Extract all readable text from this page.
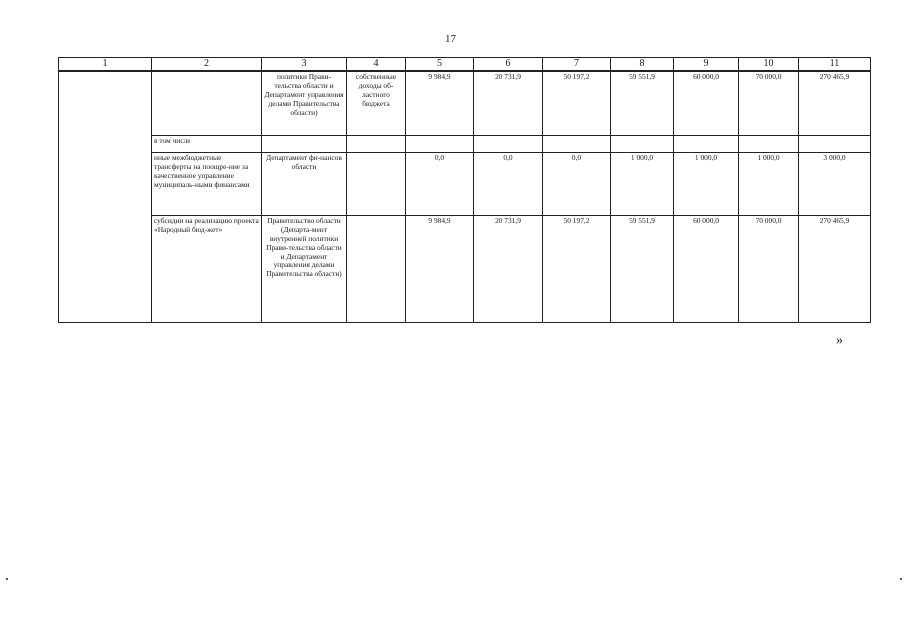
17
1	2	3	4	5	6	7	8	9	10	11
		политики Прави-тельства области и Департамент управления делами Правительства области)	собственные доходы об-ластного бюджета	9 984,9	20 731,9	50 197,2	59 551,9	60 000,0	70 000,0	270 465,9
	в том числе									
	иные межбюджетные трансферты на поощре-ние за качественное управление муниципаль-ными финансами	Департамент фи-нансов области		0,0	0,0	0,0	1 000,0	1 000,0	1 000,0	3 000,0
	субсидии на реализацию проекта «Народный бюд-жет»	Правительство области (Департа-мент внутренней политики Прави-тельства области и Департамент управления делами Правительства области)		9 984,9	20 731,9	50 197,2	59 551,9	60 000,0	70 000,0	270 465,9
»
